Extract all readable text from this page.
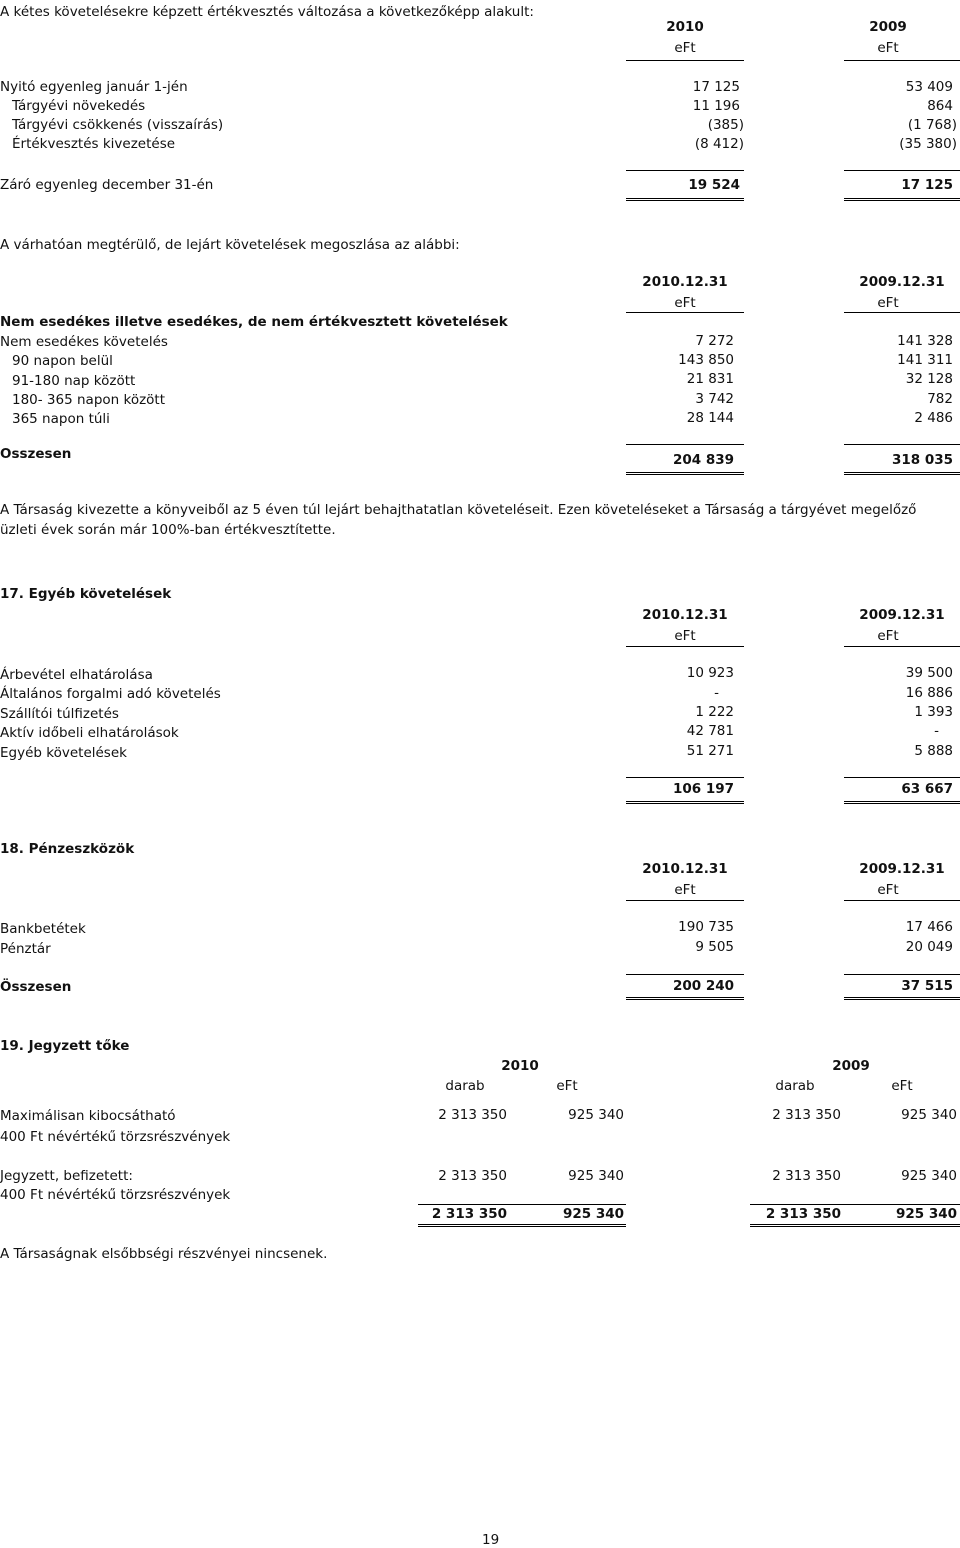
A kétes követelésekre képzett értékvesztés változása a következőképp alakult:
2010	2009
eFt	eFt
Nyitó egyenleg január 1-jén	17 125	53 409
Tárgyévi növekedés	11 196	864
Tárgyévi csökkenés (visszaírás)	(385)	(1 768)
Értékvesztés kivezetése	(8 412)	(35 380)
Záró egyenleg december 31-én	19 524	17 125
A várhatóan megtérülő, de lejárt követelések megoszlása az alábbi:
2010.12.31	2009.12.31
eFt	eFt
Nem esedékes illetve esedékes, de nem értékvesztett követelések
Nem esedékes követelés	7 272	141 328
90 napon belül	143 850	141 311
91-180 nap között	21 831	32 128
180- 365 napon között	3 742	782
365 napon túli	28 144	2 486
Osszesen	204 839	318 035
A Társaság kivezette a könyveiből az 5 éven túl lejárt behajthatatlan követeléseit. Ezen követeléseket a Társaság a tárgyévet megelőző
üzleti évek során már 100%-ban értékvesztítette.
17. Egyéb követelések
2010.12.31	2009.12.31
eFt	eFt
Árbevétel elhatárolása	10 923	39 500
Általános forgalmi adó követelés	-	16 886
Szállítói túlfizetés	1 222	1 393
Aktív időbeli elhatárolások	42 781	-
Egyéb követelések	51 271	5 888
106 197	63 667
18. Pénzeszközök
2010.12.31	2009.12.31
eFt	eFt
Bankbetétek	190 735	17 466
Pénztár	9 505	20 049
Összesen	200 240	37 515
19. Jegyzett tőke
2010	2009
darab	eFt	darab	eFt
Maximálisan kibocsátható
400 Ft névértékű törzsrészvények
2 313 350	925 340	2 313 350	925 340
Jegyzett, befizetett:
400 Ft névértékű törzsrészvények
2 313 350	925 340	2 313 350	925 340
2 313 350	925 340	2 313 350	925 340
A Társaságnak elsőbbségi részvényei nincsenek.
19
